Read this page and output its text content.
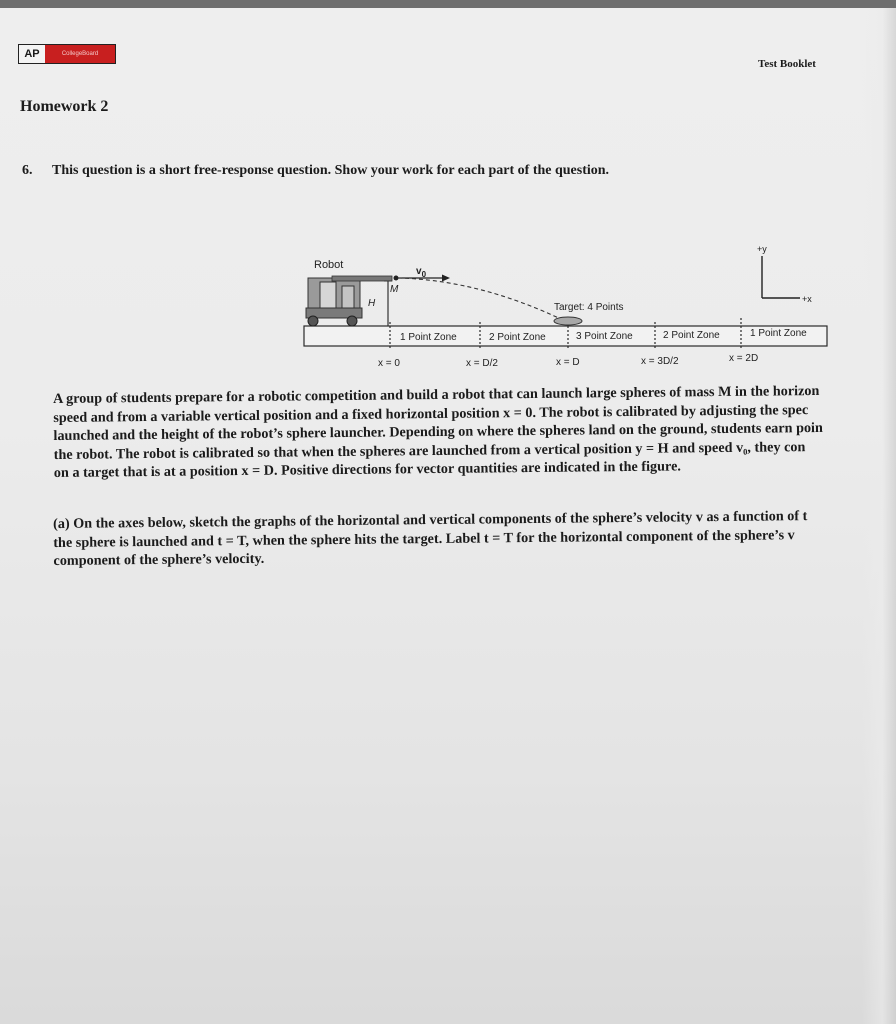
AP	CollegeBoard
Test Booklet
Homework 2
6. This question is a short free-response question. Show your work for each part of the question.
Robot
$v_0$
M
H	Target: 4 Points
+y
+x
1 Point Zone	2 Point Zone	3 Point Zone	2 Point Zone	1 Point Zone
x = 0	x = D/2	x = D	x = 3D/2	x = 2D
A group of students prepare for a robotic competition and build a robot that can launch large spheres of mass M in the horizon
speed and from a variable vertical position and a fixed horizontal position x = 0. The robot is calibrated by adjusting the spec
launched and the height of the robot’s sphere launcher. Depending on where the spheres land on the ground, students earn poin
the robot. The robot is calibrated so that when the spheres are launched from a vertical position y = H and speed v₀, they con
on a target that is at a position x = D. Positive directions for vector quantities are indicated in the figure.
(a) On the axes below, sketch the graphs of the horizontal and vertical components of the sphere’s velocity v as a function of t
the sphere is launched and t = T, when the sphere hits the target. Label t = T for the horizontal component of the sphere’s v
component of the sphere’s velocity.
